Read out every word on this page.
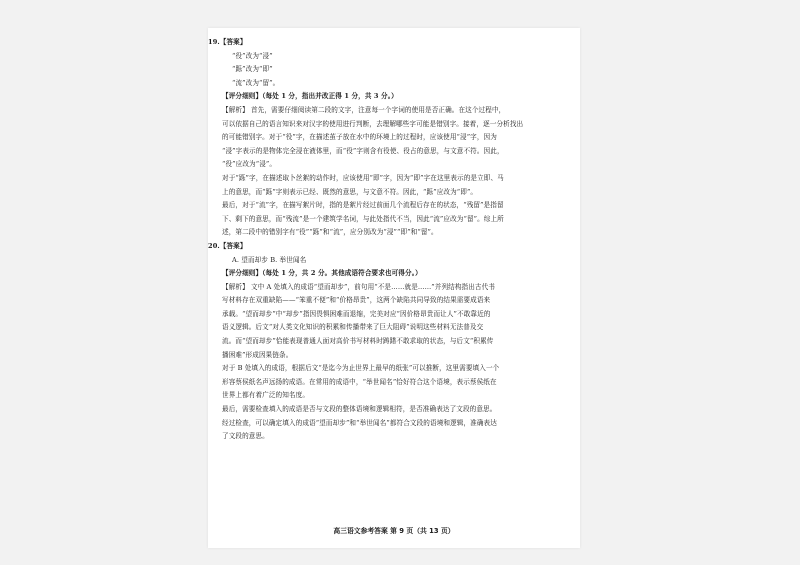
19.【答案】
“役”改为“浸”
“跞”改为“即”
“流”改为“留”。
【评分细则】（每处 1 分，指出并改正得 1 分，共 3 分。）
【解析】 首先，需要仔细阅读第二段的文字，注意每一个字词的使用是否正确。在这个过程中，
可以依据自己的语言知识来对汉字的使用进行判断，去理解哪些字可能是错别字。接着，逐一分析找出
的可能错别字。对于“役”字，在描述茧子放在水中的环境上的过程时，应该使用“浸”字，因为
“浸”字表示的是物体完全浸在液体里，而“役”字则含有役使、役占的意思，与文意不符。因此，
“役”应改为“浸”。
对于“跞”字，在描述取卜丝絮的动作时，应该使用“即”字，因为“即”字在这里表示的是立即、马
上的意思，而“跞”字则表示已经、既然的意思，与文意不符。因此，“跞”应改为“即”。
最后，对于“流”字，在描写絮片时，指的是絮片经过前面几个流程后存在的状态，“残留”是指留
下、剩下的意思，而“残流”是一个建筑学名词，与此处指代不当，因此“流”应改为“留”。综上所
述，第二段中的错别字有“役”“跞”和“流”，应分别改为“浸”“即”和“留”。
20.【答案】
A. 望而却步 B. 举世闻名
【评分细则】（每处 1 分，共 2 分。其他成语符合要求也可得分。）
【解析】 文中 A 处填入的成语“望而却步”，前句用“不是……就是……”并列结构指出古代书
写材料存在双重缺陷——“笨重不便”和“价格昂贵”，这两个缺陷共同导致的结果需要成语来
承载。“望而却步”中“却步”指因畏惧困难而退缩，完美对应“因价格昂贵而让人”不敢靠近的
语义逻辑。后文“对人类文化知识的积累和传播带来了巨大阻碍”说明这些材料无法普及交
流。而“望而却步”恰能表现普通人面对高价书写材料时踌躇不敢求取的状态，与后文“积累传
播困难”形成因果链条。
对于 B 处填入的成语，根据后文“是迄今为止世界上最早的纸张”可以推断，这里需要填入一个
形容蔡侯纸名声远扬的成语。在常用的成语中，“举世闻名”恰好符合这个语境，表示蔡侯纸在
世界上都有着广泛的知名度。
最后，需要检查填入的成语是否与文段的整体语境和逻辑相符，是否准确表达了文段的意思。
经过检查，可以确定填入的成语“望而却步”和“举世闻名”都符合文段的语境和逻辑，准确表达
了文段的意思。
高三语文参考答案 第 9 页（共 13 页）
